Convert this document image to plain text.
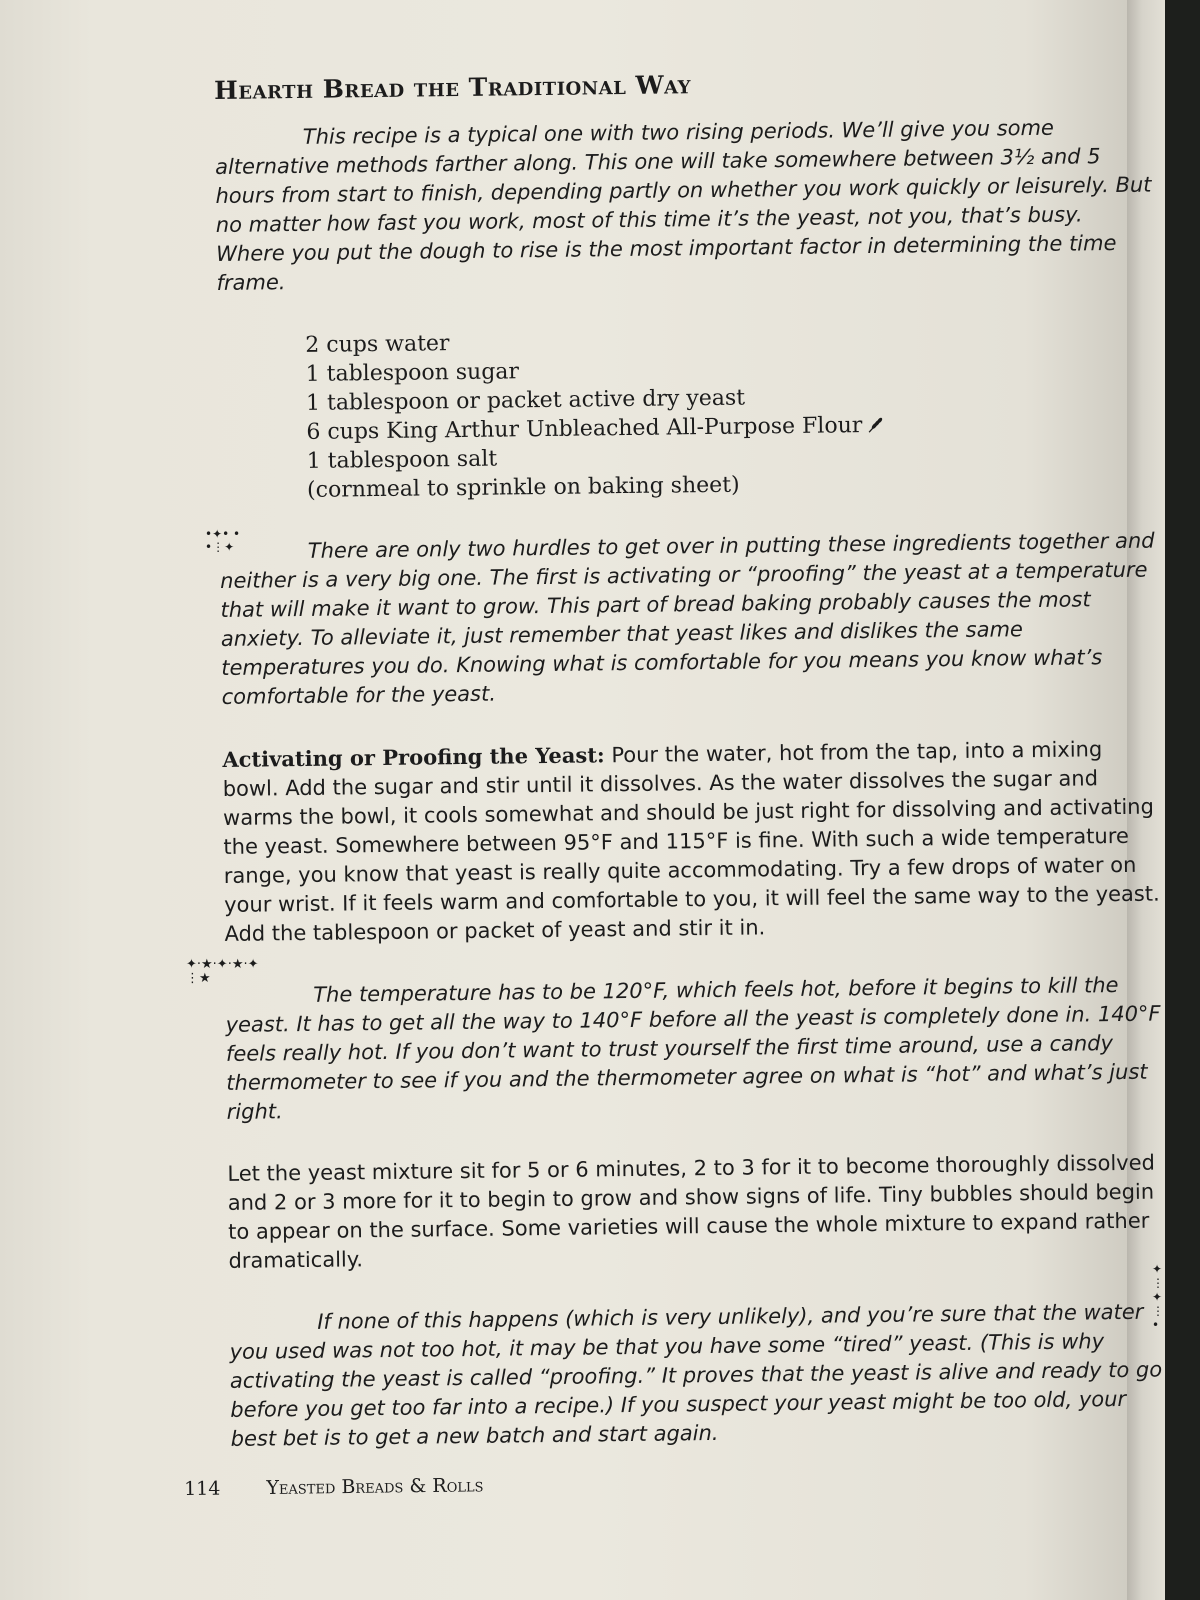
Hearth Bread the Traditional Way

This recipe is a typical one with two rising periods. We’ll give you some alternative methods farther along. This one will take somewhere between 3½ and 5 hours from start to finish, depending partly on whether you work quickly or leisurely. But no matter how fast you work, most of this time it’s the yeast, not you, that’s busy. Where you put the dough to rise is the most important factor in determining the time frame.

2 cups water
1 tablespoon sugar
1 tablespoon or packet active dry yeast
6 cups King Arthur Unbleached All-Purpose Flour
1 tablespoon salt
(cornmeal to sprinkle on baking sheet)

There are only two hurdles to get over in putting these ingredients together and neither is a very big one. The first is activating or “proofing” the yeast at a temperature that will make it want to grow. This part of bread baking probably causes the most anxiety. To alleviate it, just remember that yeast likes and dislikes the same temperatures you do. Knowing what is comfortable for you means you know what’s comfortable for the yeast.

Activating or Proofing the Yeast: Pour the water, hot from the tap, into a mixing bowl. Add the sugar and stir until it dissolves. As the water dissolves the sugar and warms the bowl, it cools somewhat and should be just right for dissolving and activating the yeast. Somewhere between 95°F and 115°F is fine. With such a wide temperature range, you know that yeast is really quite accommodating. Try a few drops of water on your wrist. If it feels warm and comfortable to you, it will feel the same way to the yeast. Add the tablespoon or packet of yeast and stir it in.

The temperature has to be 120°F, which feels hot, before it begins to kill the yeast. It has to get all the way to 140°F before all the yeast is completely done in. 140°F feels really hot. If you don’t want to trust yourself the first time around, use a candy thermometer to see if you and the thermometer agree on what is “hot” and what’s just right.

Let the yeast mixture sit for 5 or 6 minutes, 2 to 3 for it to become thoroughly dissolved and 2 or 3 more for it to begin to grow and show signs of life. Tiny bubbles should begin to appear on the surface. Some varieties will cause the whole mixture to expand rather dramatically.

If none of this happens (which is very unlikely), and you’re sure that the water you used was not too hot, it may be that you have some “tired” yeast. (This is why activating the yeast is called “proofing.” It proves that the yeast is alive and ready to go before you get too far into a recipe.) If you suspect your yeast might be too old, your best bet is to get a new batch and start again.

•✦• •
•⋮✦
✦·★·✦·★·✦
⋮★
✦
⋮
✦
⋮
•
114 Yeasted Breads & Rolls
